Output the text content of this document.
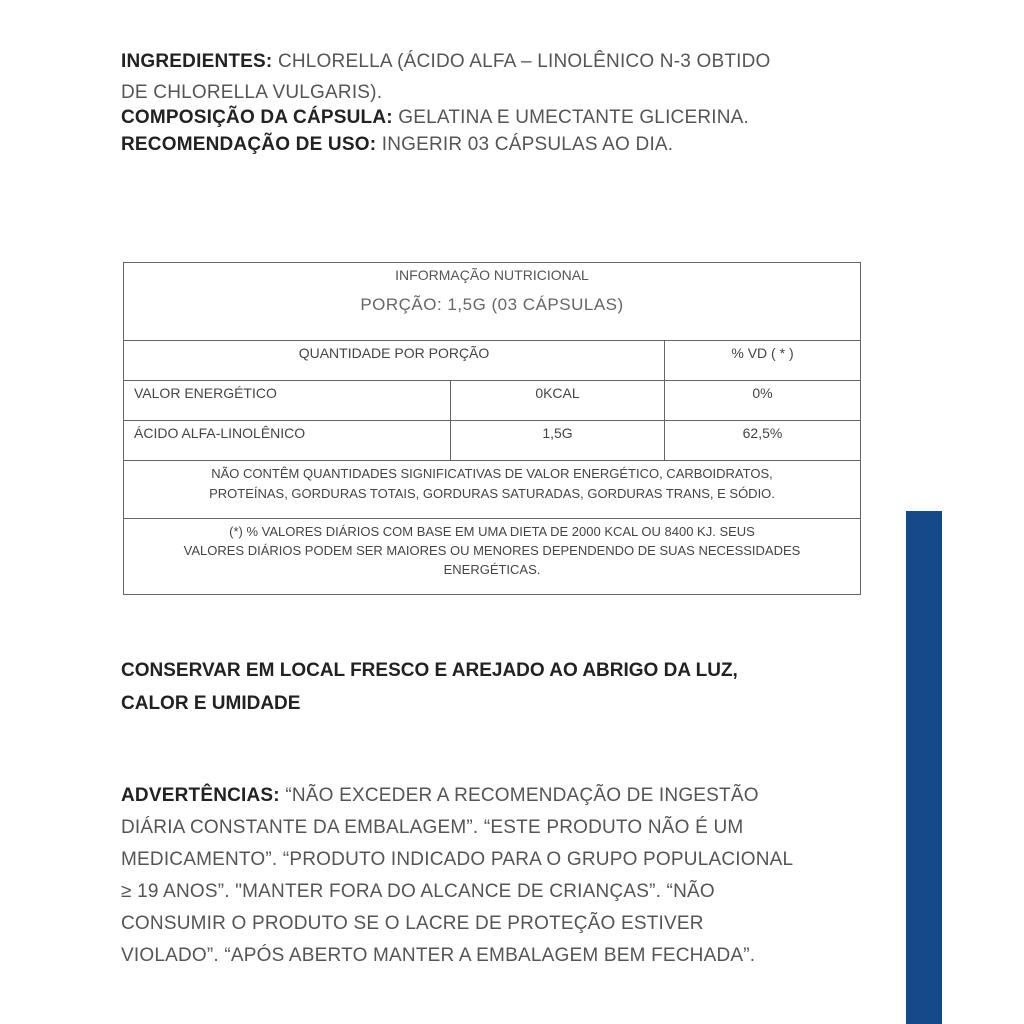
INGREDIENTES: CHLORELLA (ÁCIDO ALFA – LINOLÊNICO N-3 OBTIDO

DE CHLORELLA VULGARIS).

COMPOSIÇÃO DA CÁPSULA: GELATINA E UMECTANTE GLICERINA.

RECOMENDAÇÃO DE USO: INGERIR 03 CÁPSULAS AO DIA.

INFORMAÇÃO NUTRICIONAL
PORÇÃO: 1,5G (03 CÁPSULAS)
QUANTIDADE POR PORÇÃO	% VD ( * )
VALOR ENERGÉTICO	0KCAL	0%
ÁCIDO ALFA-LINOLÊNICO	1,5G	62,5%
NÃO CONTÊM QUANTIDADES SIGNIFICATIVAS DE VALOR ENERGÉTICO, CARBOIDRATOS,
PROTEÍNAS, GORDURAS TOTAIS, GORDURAS SATURADAS, GORDURAS TRANS, E SÓDIO.
(*) % VALORES DIÁRIOS COM BASE EM UMA DIETA DE 2000 KCAL OU 8400 KJ. SEUS
VALORES DIÁRIOS PODEM SER MAIORES OU MENORES DEPENDENDO DE SUAS NECESSIDADES
ENERGÉTICAS.
CONSERVAR EM LOCAL FRESCO E AREJADO AO ABRIGO DA LUZ,
CALOR E UMIDADE
ADVERTÊNCIAS: “NÃO EXCEDER A RECOMENDAÇÃO DE INGESTÃO
DIÁRIA CONSTANTE DA EMBALAGEM”. “ESTE PRODUTO NÃO É UM
MEDICAMENTO”. “PRODUTO INDICADO PARA O GRUPO POPULACIONAL
≥ 19 ANOS”. "MANTER FORA DO ALCANCE DE CRIANÇAS”. “NÃO
CONSUMIR O PRODUTO SE O LACRE DE PROTEÇÃO ESTIVER
VIOLADO”. “APÓS ABERTO MANTER A EMBALAGEM BEM FECHADA”.
